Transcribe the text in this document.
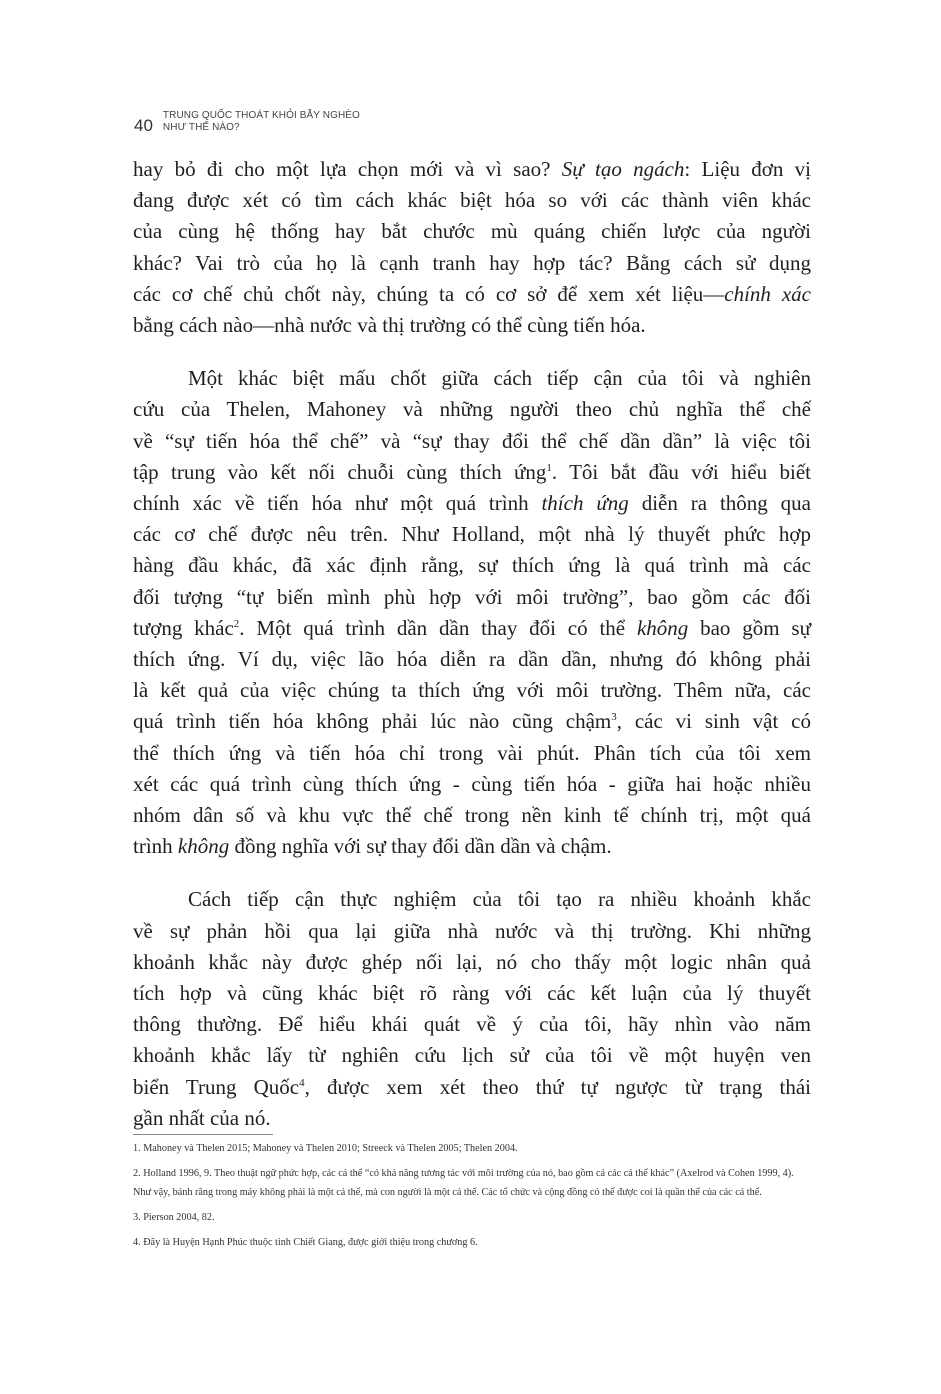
40
TRUNG QUỐC THOÁT KHỎI BẪY NGHÈO
NHƯ THẾ NÀO?

hay bỏ đi cho một lựa chọn mới và vì sao? Sự tạo ngách: Liệu đơn vị
đang được xét có tìm cách khác biệt hóa so với các thành viên khác
của cùng hệ thống hay bắt chước mù quáng chiến lược của người
khác? Vai trò của họ là cạnh tranh hay hợp tác? Bằng cách sử dụng
các cơ chế chủ chốt này, chúng ta có cơ sở để xem xét liệu—chính xác
bằng cách nào—nhà nước và thị trường có thể cùng tiến hóa.

Một khác biệt mấu chốt giữa cách tiếp cận của tôi và nghiên
cứu của Thelen, Mahoney và những người theo chủ nghĩa thể chế
về “sự tiến hóa thể chế” và “sự thay đổi thể chế dần dần” là việc tôi
tập trung vào kết nối chuỗi cùng thích ứng$^1$. Tôi bắt đầu với hiểu biết
chính xác về tiến hóa như một quá trình thích ứng diễn ra thông qua
các cơ chế được nêu trên. Như Holland, một nhà lý thuyết phức hợp
hàng đầu khác, đã xác định rằng, sự thích ứng là quá trình mà các
đối tượng “tự biến mình phù hợp với môi trường”, bao gồm các đối
tượng khác$^2$. Một quá trình dần dần thay đổi có thể không bao gồm sự
thích ứng. Ví dụ, việc lão hóa diễn ra dần dần, nhưng đó không phải
là kết quả của việc chúng ta thích ứng với môi trường. Thêm nữa, các
quá trình tiến hóa không phải lúc nào cũng chậm$^3$, các vi sinh vật có
thể thích ứng và tiến hóa chỉ trong vài phút. Phân tích của tôi xem
xét các quá trình cùng thích ứng - cùng tiến hóa - giữa hai hoặc nhiều
nhóm dân số và khu vực thể chế trong nền kinh tế chính trị, một quá
trình không đồng nghĩa với sự thay đổi dần dần và chậm.

Cách tiếp cận thực nghiệm của tôi tạo ra nhiều khoảnh khắc
về sự phản hồi qua lại giữa nhà nước và thị trường. Khi những
khoảnh khắc này được ghép nối lại, nó cho thấy một logic nhân quả
tích hợp và cũng khác biệt rõ ràng với các kết luận của lý thuyết
thông thường. Để hiểu khái quát về ý của tôi, hãy nhìn vào năm
khoảnh khắc lấy từ nghiên cứu lịch sử của tôi về một huyện ven
biển Trung Quốc$^4$, được xem xét theo thứ tự ngược từ trạng thái
gần nhất của nó.

1. Mahoney và Thelen 2015; Mahoney và Thelen 2010; Streeck và Thelen 2005; Thelen 2004.

2. Holland 1996, 9. Theo thuật ngữ phức hợp, các cá thể “có khả năng tương tác với môi trường của nó, bao gồm cả các cá thể khác” (Axelrod và Cohen 1999, 4). Như vậy, bánh răng trong máy không phải là một cá thể, mà con người là một cá thể. Các tổ chức và cộng đồng có thể được coi là quần thể của các cá thể.

3. Pierson 2004, 82.

4. Đây là Huyện Hạnh Phúc thuộc tỉnh Chiết Giang, được giới thiệu trong chương 6.
